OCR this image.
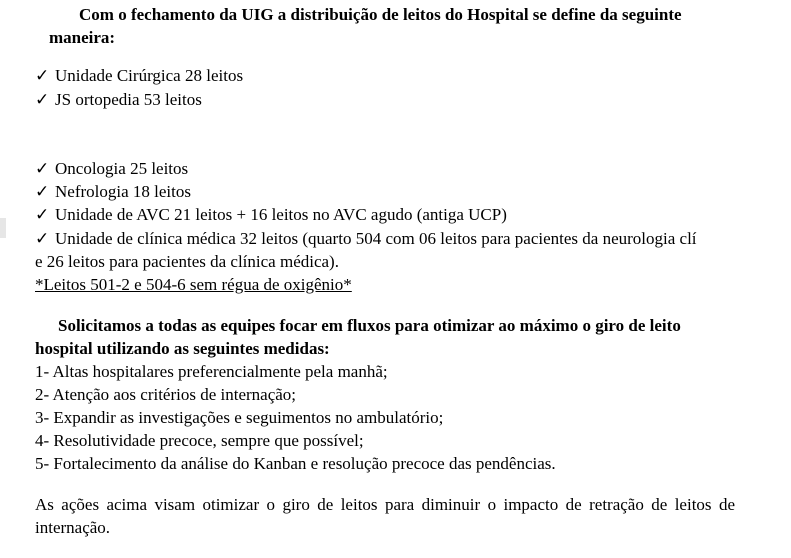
Com o fechamento da UIG a distribuição de leitos do Hospital se define da seguinte
maneira:
✓ Unidade Cirúrgica 28 leitos
✓ JS ortopedia 53 leitos
✓ Oncologia 25 leitos
✓ Nefrologia 18 leitos
✓ Unidade de AVC 21 leitos + 16 leitos no AVC agudo (antiga UCP)
✓ Unidade de clínica médica 32 leitos (quarto 504 com 06 leitos para pacientes da neurologia clí
e 26 leitos para pacientes da clínica médica).
*Leitos 501-2 e 504-6 sem régua de oxigênio*
Solicitamos a todas as equipes focar em fluxos para otimizar ao máximo o giro de leito
hospital utilizando as seguintes medidas:
1- Altas hospitalares preferencialmente pela manhã;
2- Atenção aos critérios de internação;
3- Expandir as investigações e seguimentos no ambulatório;
4- Resolutividade precoce, sempre que possível;
5- Fortalecimento da análise do Kanban e resolução precoce das pendências.
As ações acima visam otimizar o giro de leitos para diminuir o impacto de retração de leitos de
internação.
